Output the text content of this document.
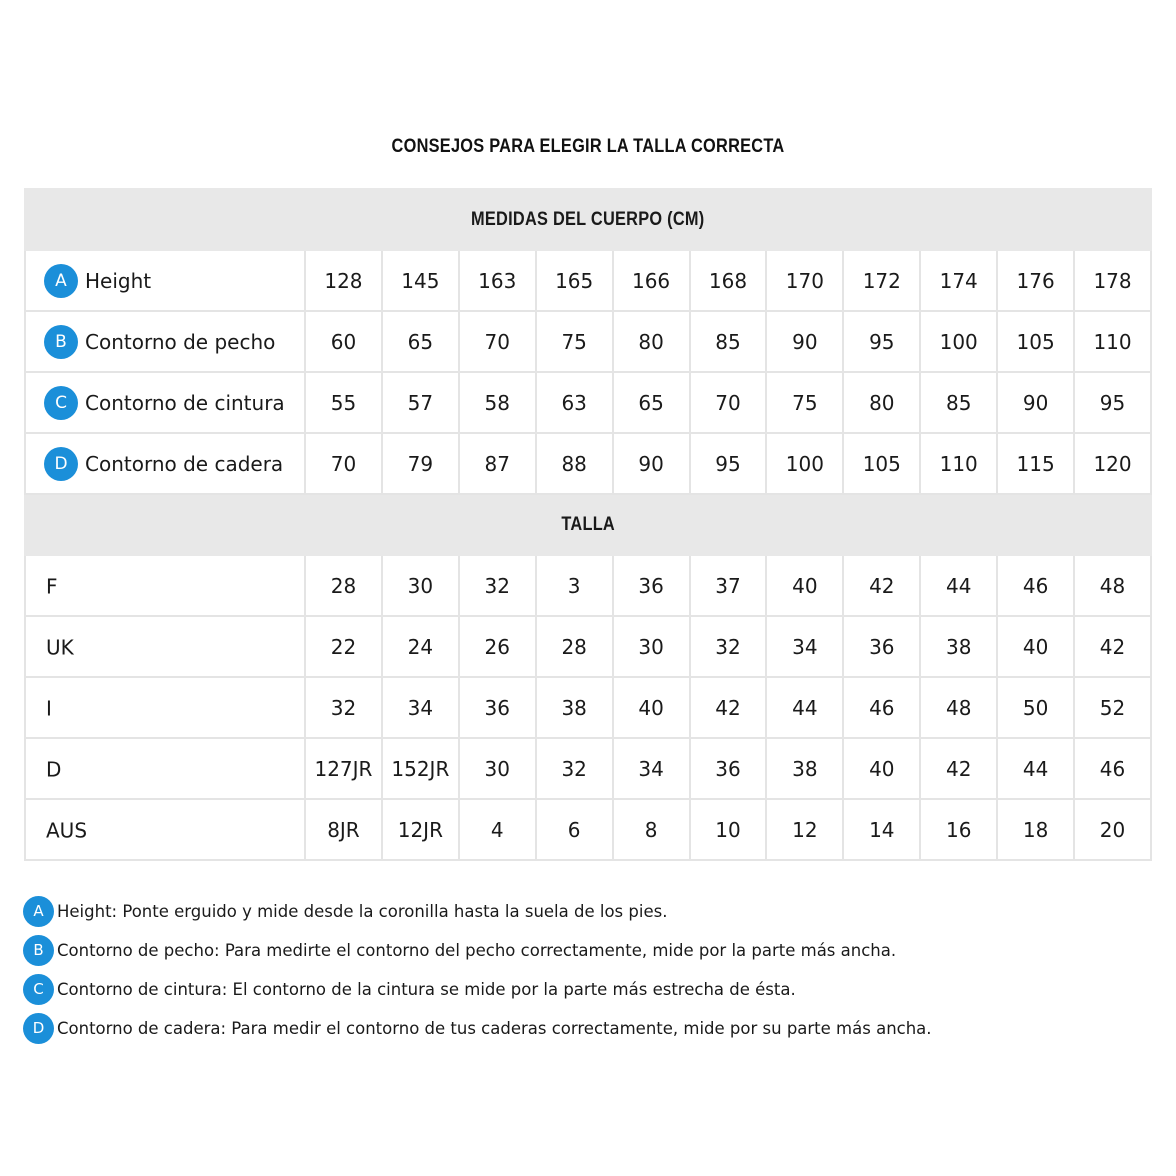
CONSEJOS PARA ELEGIR LA TALLA CORRECTA
MEDIDAS DEL CUERPO (CM)											
A Height	128	145	163	165	166	168	170	172	174	176	178
B Contorno de pecho	60	65	70	75	80	85	90	95	100	105	110
C Contorno de cintura	55	57	58	63	65	70	75	80	85	90	95
D Contorno de cadera	70	79	87	88	90	95	100	105	110	115	120
TALLA											
F	28	30	32	3	36	37	40	42	44	46	48
UK	22	24	26	28	30	32	34	36	38	40	42
I	32	34	36	38	40	42	44	46	48	50	52
D	127JR	152JR	30	32	34	36	38	40	42	44	46
AUS	8JR	12JR	4	6	8	10	12	14	16	18	20
A Height: Ponte erguido y mide desde la coronilla hasta la suela de los pies.
B Contorno de pecho: Para medirte el contorno del pecho correctamente, mide por la parte más ancha.
C Contorno de cintura: El contorno de la cintura se mide por la parte más estrecha de ésta.
D Contorno de cadera: Para medir el contorno de tus caderas correctamente, mide por su parte más ancha.
